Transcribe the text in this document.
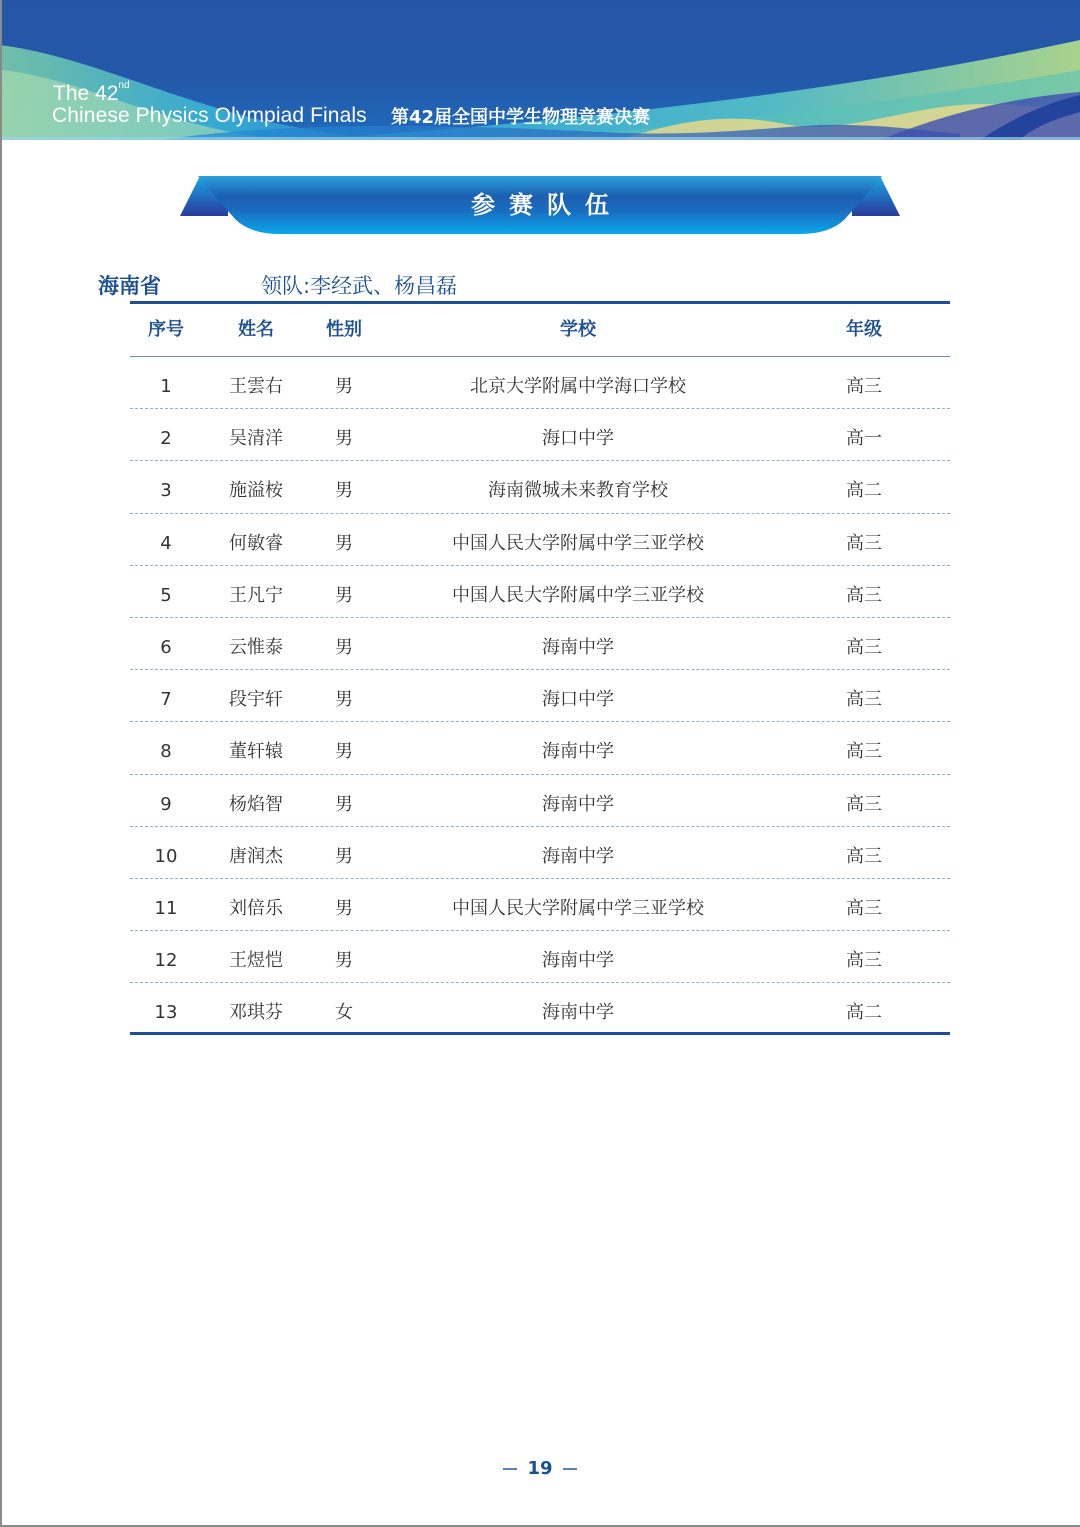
The 42nd
Chinese Physics Olympiad Finals 第42届全国中学生物理竞赛决赛
参赛队伍
海南省	领队:李经武、杨昌磊
序号	姓名	性别	学校	年级
1	王雲右	男	北京大学附属中学海口学校	高三
2	吴清洋	男	海口中学	高一
3	施溢桉	男	海南微城未来教育学校	高二
4	何敏睿	男	中国人民大学附属中学三亚学校	高三
5	王凡宁	男	中国人民大学附属中学三亚学校	高三
6	云惟泰	男	海南中学	高三
7	段宇轩	男	海口中学	高三
8	董轩辕	男	海南中学	高三
9	杨焰智	男	海南中学	高三
10	唐润杰	男	海南中学	高三
11	刘倍乐	男	中国人民大学附属中学三亚学校	高三
12	王煜恺	男	海南中学	高三
13	邓琪芬	女	海南中学	高二
19
